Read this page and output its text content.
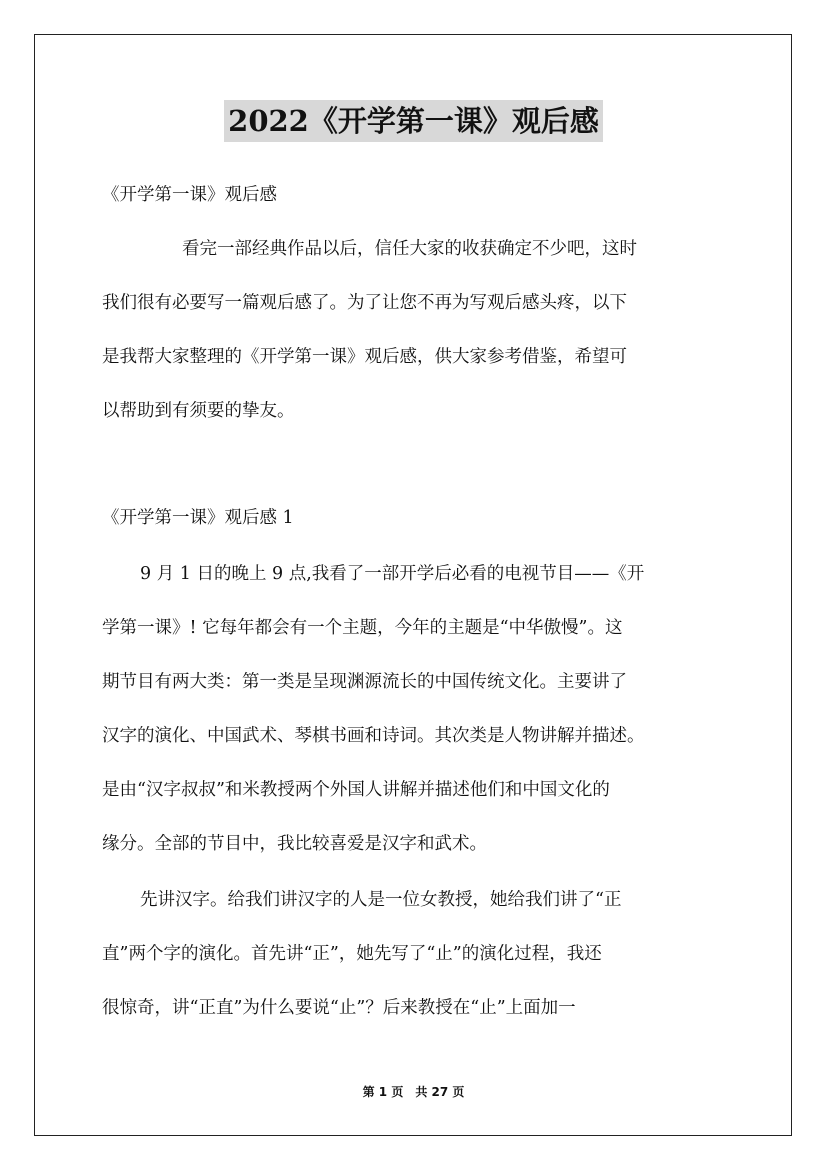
2022《开学第一课》观后感
《开学第一课》观后感

看完一部经典作品以后，信任大家的收获确定不少吧，这时

我们很有必要写一篇观后感了。为了让您不再为写观后感头疼，以下

是我帮大家整理的《开学第一课》观后感，供大家参考借鉴，希望可

以帮助到有须要的挚友。

《开学第一课》观后感 1

9 月 1 日的晚上 9 点,我看了一部开学后必看的电视节目——《开

学第一课》! 它每年都会有一个主题，今年的主题是“中华傲慢”。这

期节目有两大类：第一类是呈现渊源流长的中国传统文化。主要讲了

汉字的演化、中国武术、琴棋书画和诗词。其次类是人物讲解并描述。

是由“汉字叔叔”和米教授两个外国人讲解并描述他们和中国文化的

缘分。全部的节目中，我比较喜爱是汉字和武术。

先讲汉字。给我们讲汉字的人是一位女教授，她给我们讲了“正

直”两个字的演化。首先讲“正”，她先写了“止”的演化过程，我还

很惊奇，讲“正直”为什么要说“止”？后来教授在“止”上面加一

第 1 页　共 27 页
